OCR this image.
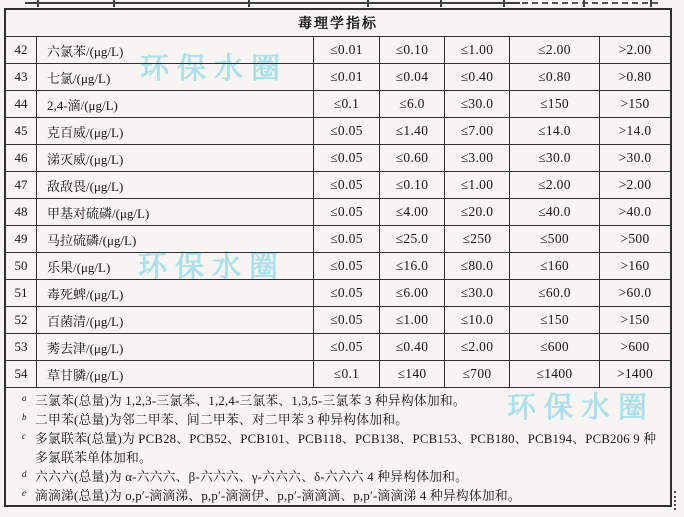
环保水圈
环保水圈
环保水圈
毒理学指标
42	六氯苯/(μg/L)	≤0.01	≤0.10	≤1.00	≤2.00	>2.00
43	七氯/(μg/L)	≤0.01	≤0.04	≤0.40	≤0.80	>0.80
44	2,4-滴/(μg/L)	≤0.1	≤6.0	≤30.0	≤150	>150
45	克百威/(μg/L)	≤0.05	≤1.40	≤7.00	≤14.0	>14.0
46	涕灭威/(μg/L)	≤0.05	≤0.60	≤3.00	≤30.0	>30.0
47	敌敌畏/(μg/L)	≤0.05	≤0.10	≤1.00	≤2.00	>2.00
48	甲基对硫磷/(μg/L)	≤0.05	≤4.00	≤20.0	≤40.0	>40.0
49	马拉硫磷/(μg/L)	≤0.05	≤25.0	≤250	≤500	>500
50	乐果/(μg/L)	≤0.05	≤16.0	≤80.0	≤160	>160
51	毒死蜱/(μg/L)	≤0.05	≤6.00	≤30.0	≤60.0	>60.0
52	百菌清/(μg/L)	≤0.05	≤1.00	≤10.0	≤150	>150
53	莠去津/(μg/L)	≤0.05	≤0.40	≤2.00	≤600	>600
54	草甘膦/(μg/L)	≤0.1	≤140	≤700	≤1400	>1400
a 三氯苯(总量)为 1,2,3-三氯苯、1,2,4-三氯苯、1,3,5-三氯苯 3 种异构体加和。
b 二甲苯(总量)为邻二甲苯、间二甲苯、对二甲苯 3 种异构体加和。
c 多氯联苯(总量)为 PCB28、PCB52、PCB101、PCB118、PCB138、PCB153、PCB180、PCB194、PCB206 9 种多氯联苯单体加和。
d 六六六(总量)为 α-六六六、β-六六六、γ-六六六、δ-六六六 4 种异构体加和。
e 滴滴涕(总量)为 o,p′-滴滴涕、p,p′-滴滴伊、p,p′-滴滴滴、p,p′-滴滴涕 4 种异构体加和。
